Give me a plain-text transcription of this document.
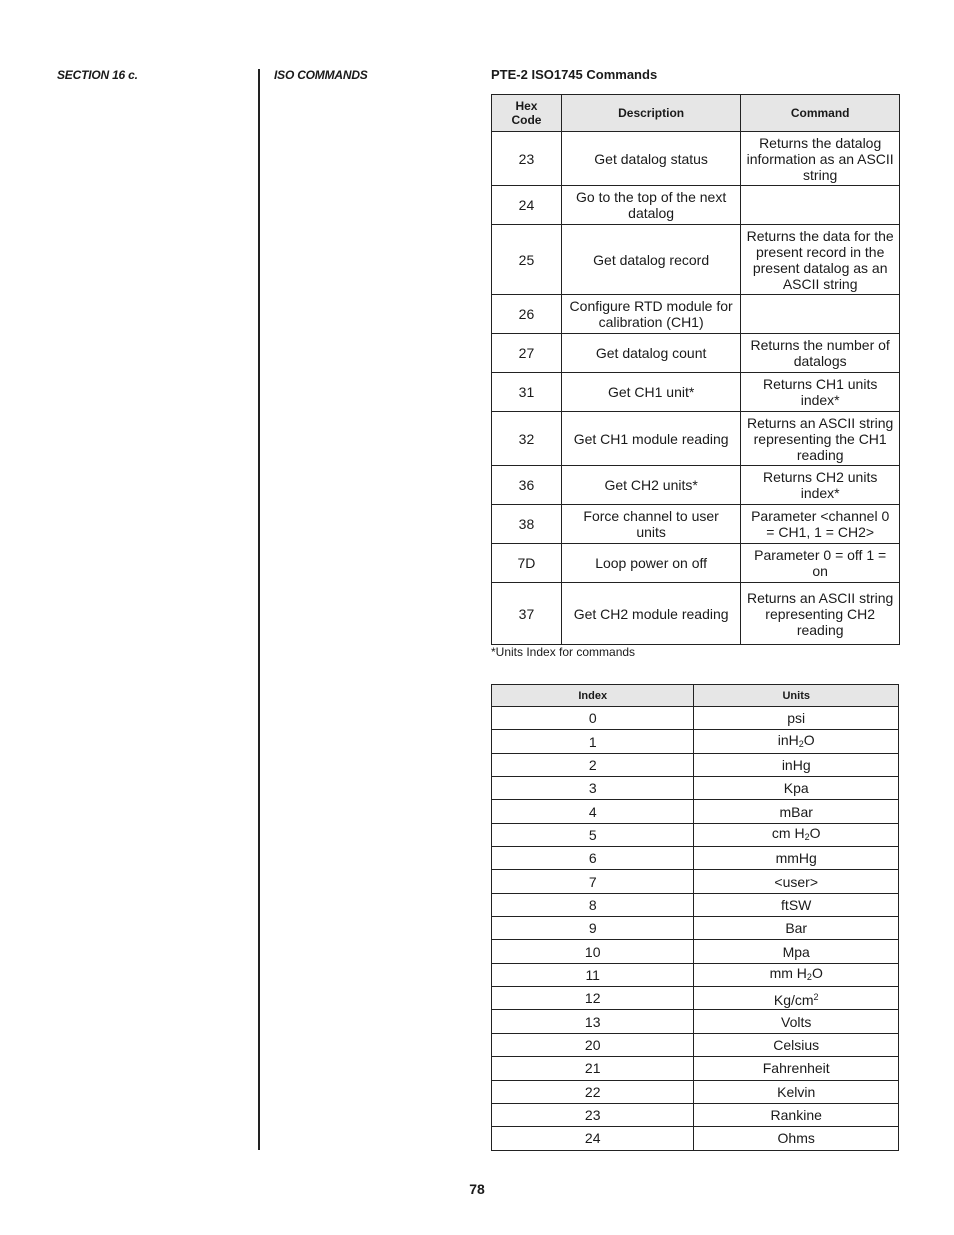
SECTION 16 c.	ISO COMMANDS	PTE-2 ISO1745 Commands
Hex Code	Description	Command
23	Get datalog status	Returns the datalog information as an ASCII string
24	Go to the top of the next datalog	
25	Get datalog record	Returns the data for the present record in the present datalog as an ASCII string
26	Configure RTD module for calibration (CH1)	
27	Get datalog count	Returns the number of datalogs
31	Get CH1 unit*	Returns CH1 units index*
32	Get CH1 module reading	Returns an ASCII string representing the CH1 reading
36	Get CH2 units*	Returns CH2 units index*
38	Force channel to user units	Parameter <channel 0 = CH1, 1 = CH2>
7D	Loop power on off	Parameter 0 = off 1 = on
37	Get CH2 module reading	Returns an ASCII string representing CH2 reading
*Units Index for commands
Index	Units
0	psi
1	inH$_2$O
2	inHg
3	Kpa
4	mBar
5	cm $H_2O$
6	mmHg
7	<user>
8	ftSW
9	Bar
10	Mpa
11	mm $H_2O$
12	$Kg/cm^2$
13	Volts
20	Celsius
21	Fahrenheit
22	Kelvin
23	Rankine
24	Ohms
78
